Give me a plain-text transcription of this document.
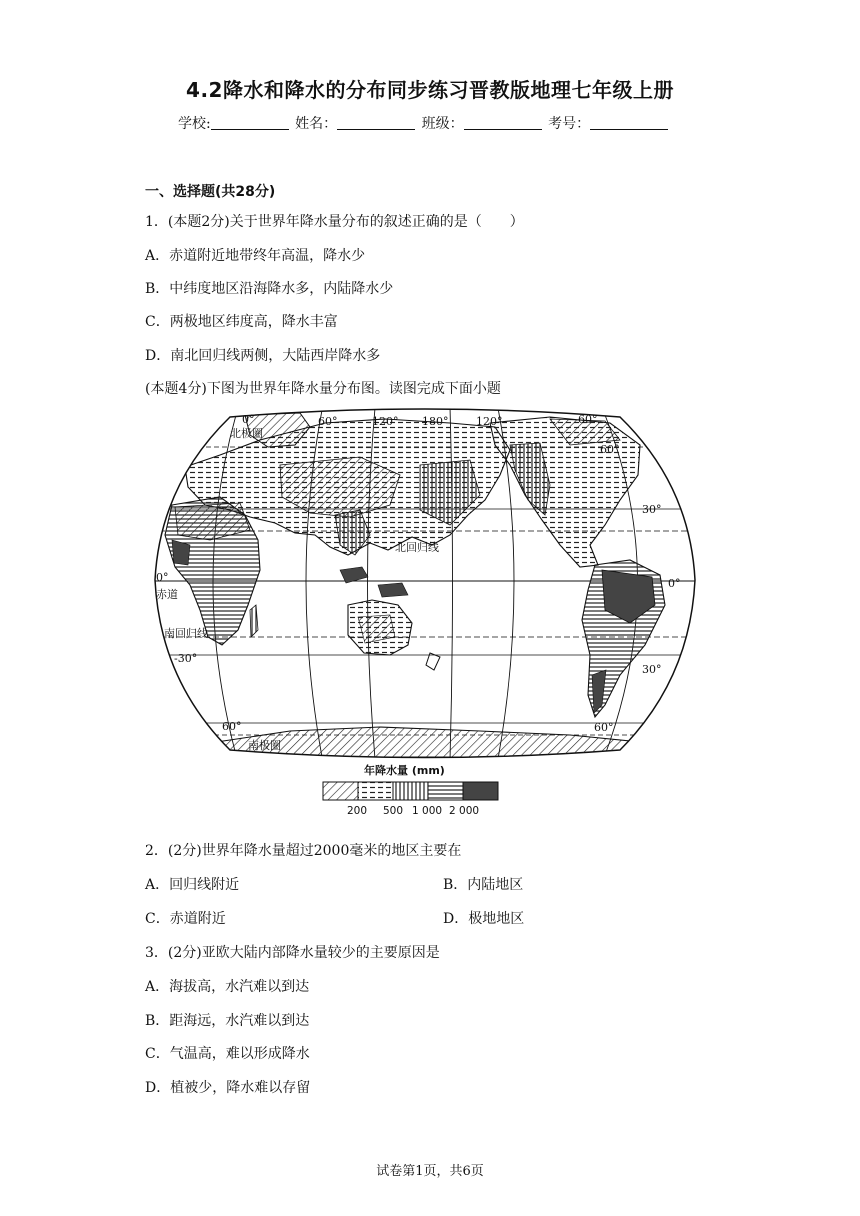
4.2降水和降水的分布同步练习晋教版地理七年级上册
学校:	姓名：	班级：	考号：
一、选择题(共28分)
1．(本题2分)关于世界年降水量分布的叙述正确的是（　　）
A．赤道附近地带终年高温，降水少
B．中纬度地区沿海降水多，内陆降水少
C．两极地区纬度高，降水丰富
D．南北回归线两侧，大陆西岸降水多
(本题4分)下图为世界年降水量分布图。读图完成下面小题
北极圈
南极圈
北回归线
南回归线
赤道
0°	60°	120° 180°	120°	60°
0°	0°
-30°
30°
30°
60°	60°
60°
年降水量 (mm)
200 500 1 000 2 000
2．(2分)世界年降水量超过2000毫米的地区主要在
A．回归线附近	B．内陆地区
C．赤道附近	D．极地地区
3．(2分)亚欧大陆内部降水量较少的主要原因是
A．海拔高，水汽难以到达
B．距海远，水汽难以到达
C．气温高，难以形成降水
D．植被少，降水难以存留
试卷第1页，共6页
